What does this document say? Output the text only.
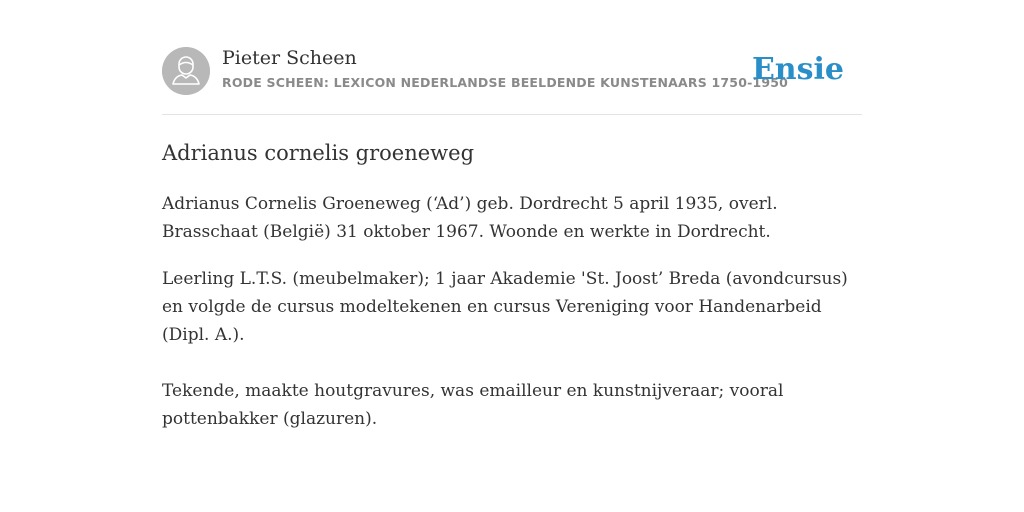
Pieter Scheen
RODE SCHEEN: LEXICON NEDERLANDSE BEELDENDE KUNSTENAARS 1750-1950
Ensie
Adrianus cornelis groeneweg

Adrianus Cornelis Groeneweg (‘Ad’) geb. Dordrecht 5 april 1935, overl. Brasschaat (België) 31 oktober 1967. Woonde en werkte in Dordrecht.

Leerling L.T.S. (meubelmaker); 1 jaar Akademie 'St. Joost’ Breda (avondcursus) en volgde de cursus modeltekenen en cursus Vereniging voor Handenarbeid (Dipl. A.).

Tekende, maakte houtgravures, was emailleur en kunstnijveraar; vooral pottenbakker (glazuren).
